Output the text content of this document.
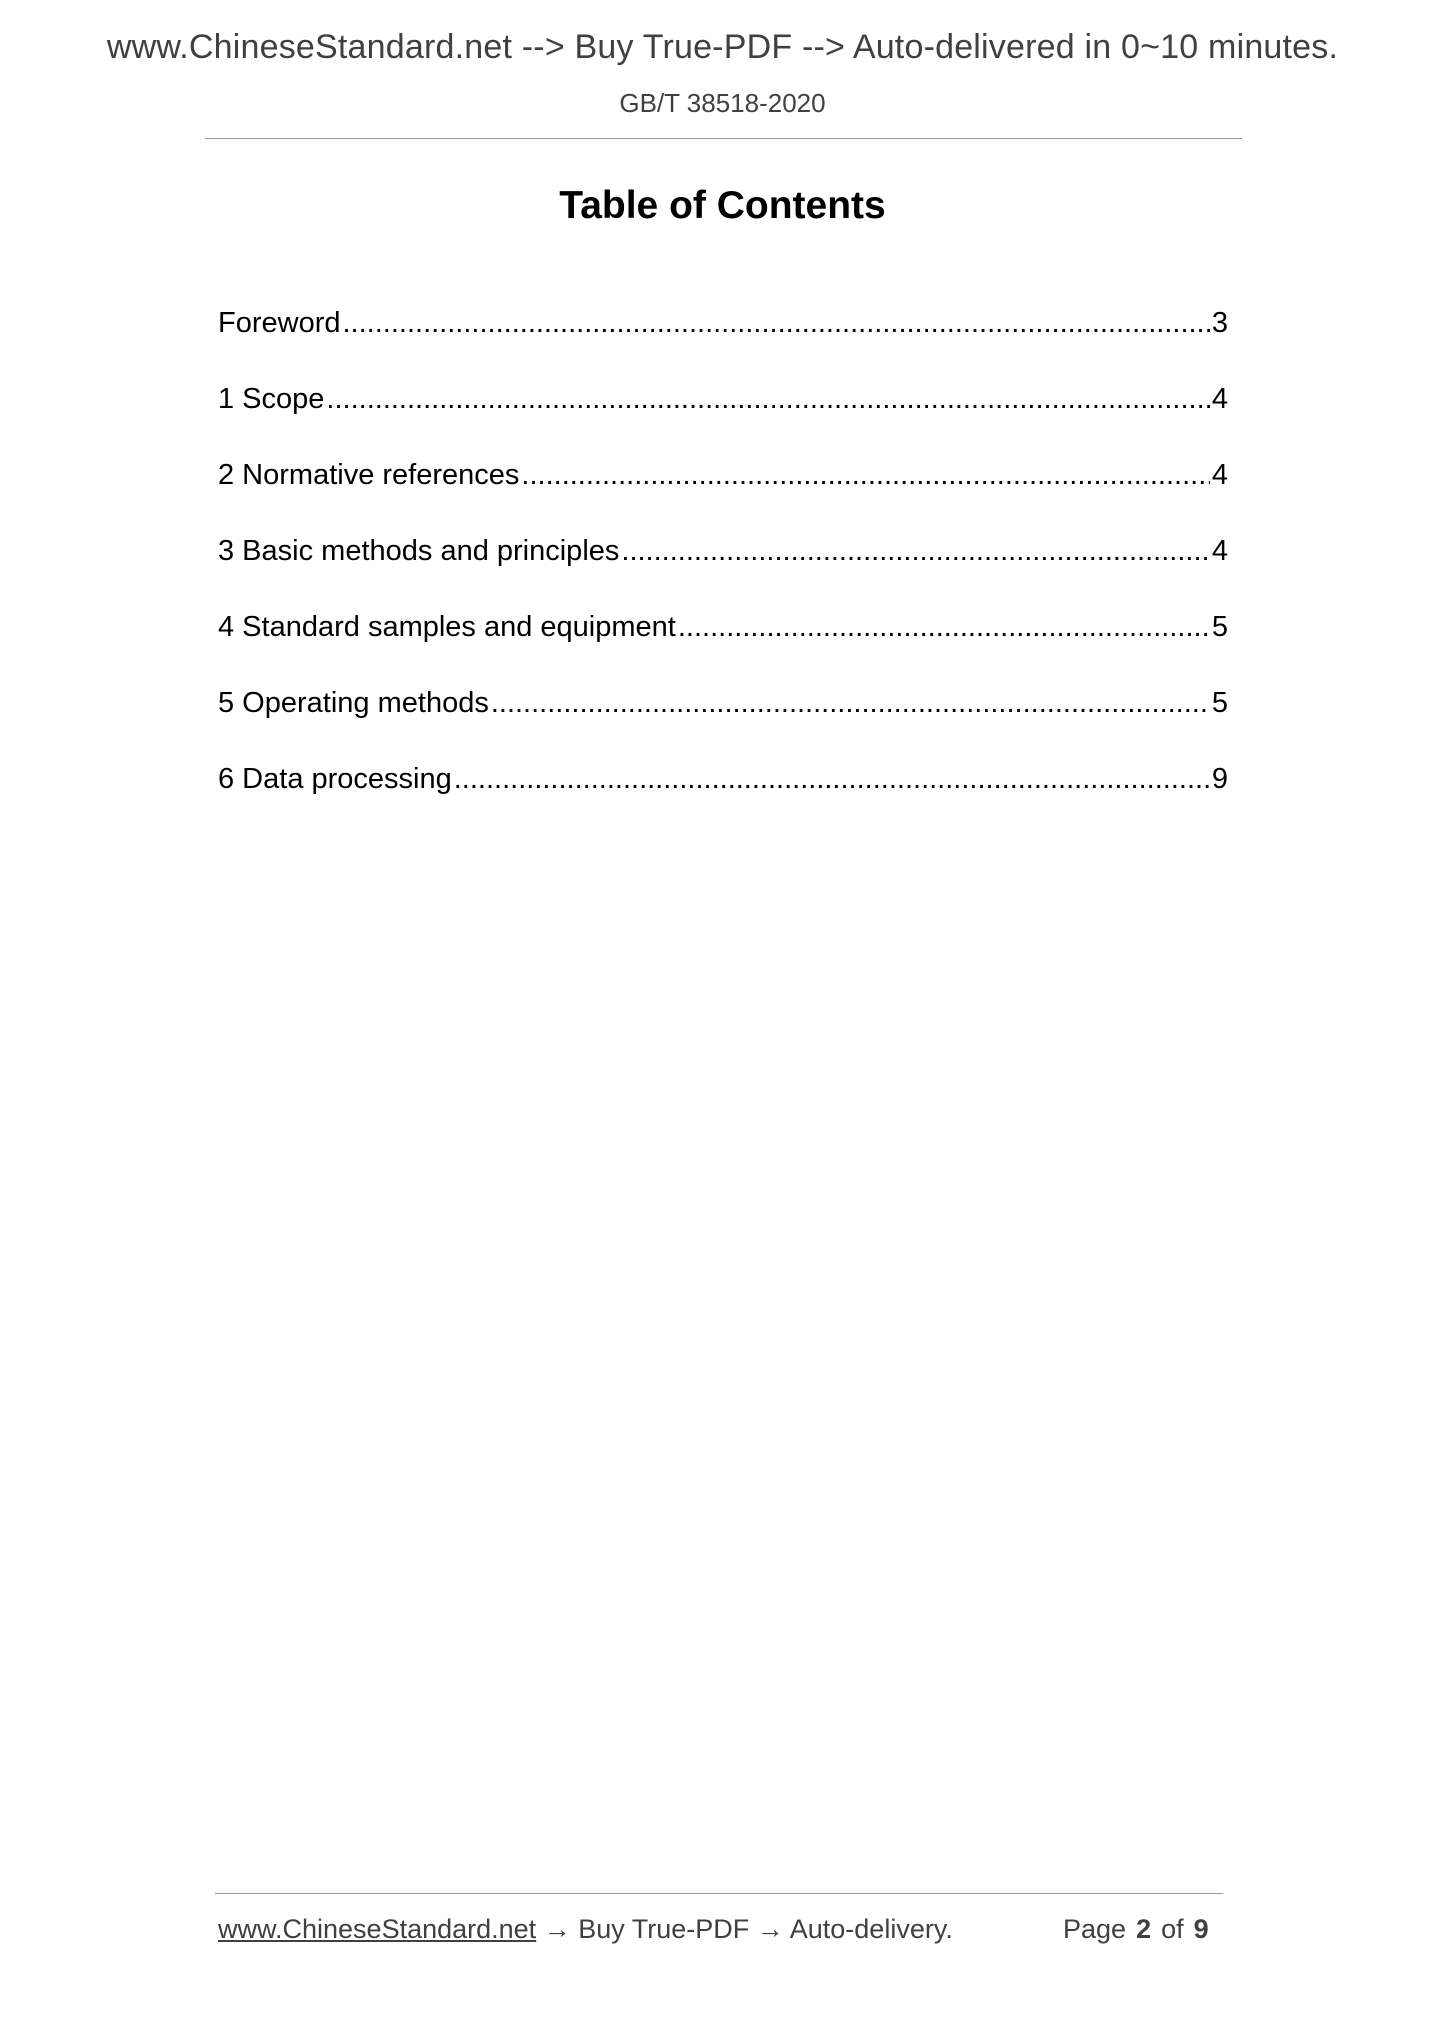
www.ChineseStandard.net --> Buy True-PDF --> Auto-delivered in 0~10 minutes.
GB/T 38518-2020
Table of Contents
Foreword .....	3
1 Scope .....	4
2 Normative references .....	4
3 Basic methods and principles .....	4
4 Standard samples and equipment .....	5
5 Operating methods .....	5
6 Data processing .....	9
www.ChineseStandard.net → Buy True-PDF → Auto-delivery.	Page 2 of 9
